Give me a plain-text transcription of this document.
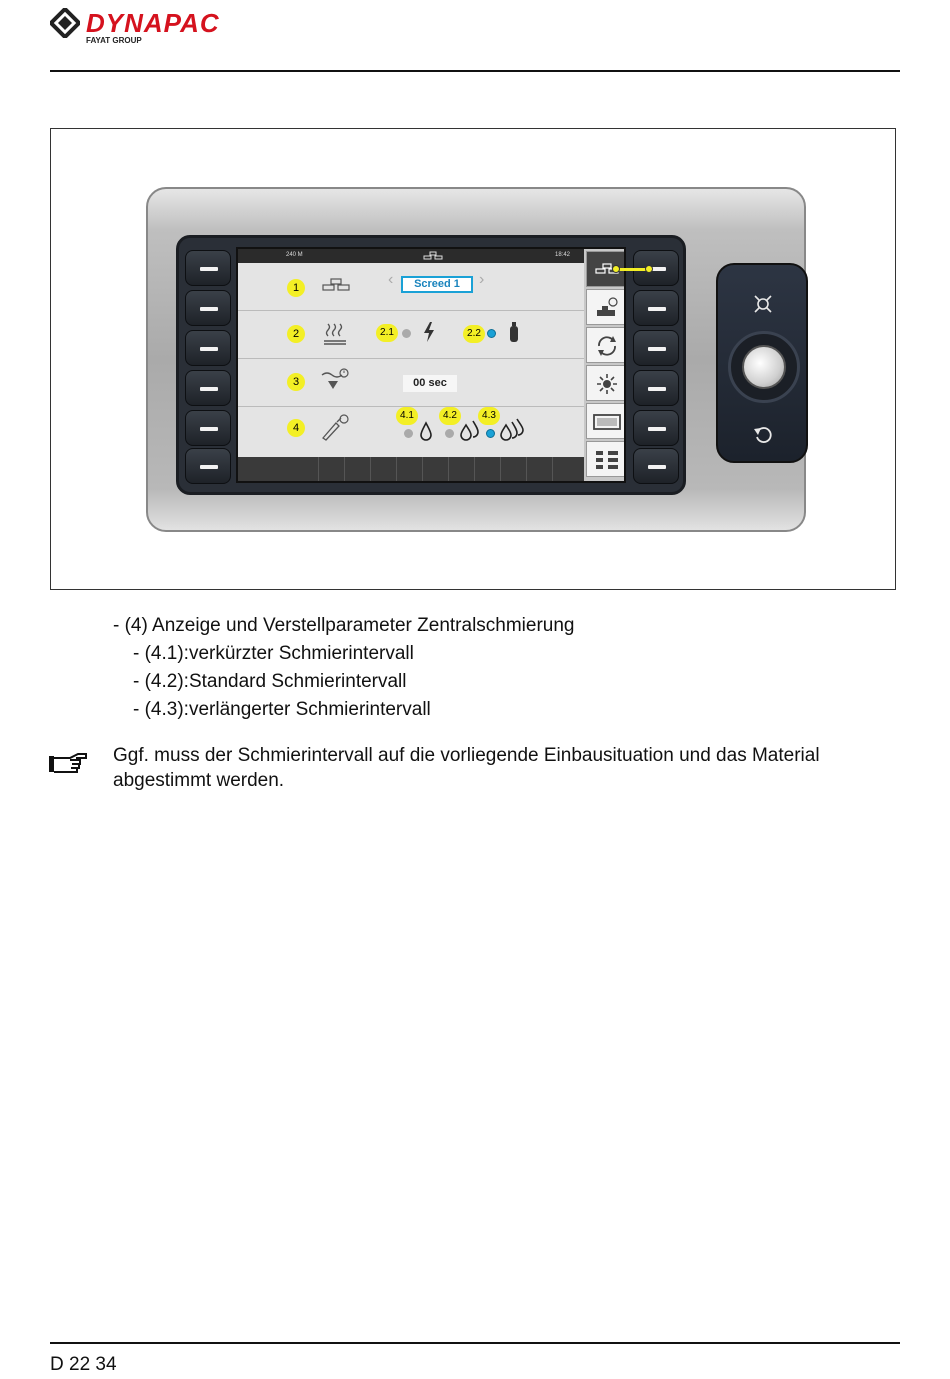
DYNAPAC
FAYAT GROUP
240 M	18:42
1	‹	Screed 1	›
2	2.1	2.2
3	00 sec
4
4.1	4.2	4.3
- (4) Anzeige und Verstellparameter Zentralschmierung
- (4.1):verkürzter Schmierintervall
- (4.2):Standard Schmierintervall
- (4.3):verlängerter Schmierintervall
Ggf. muss der Schmierintervall auf die vorliegende Einbausituation und das Material abgestimmt werden.
D 22 34
